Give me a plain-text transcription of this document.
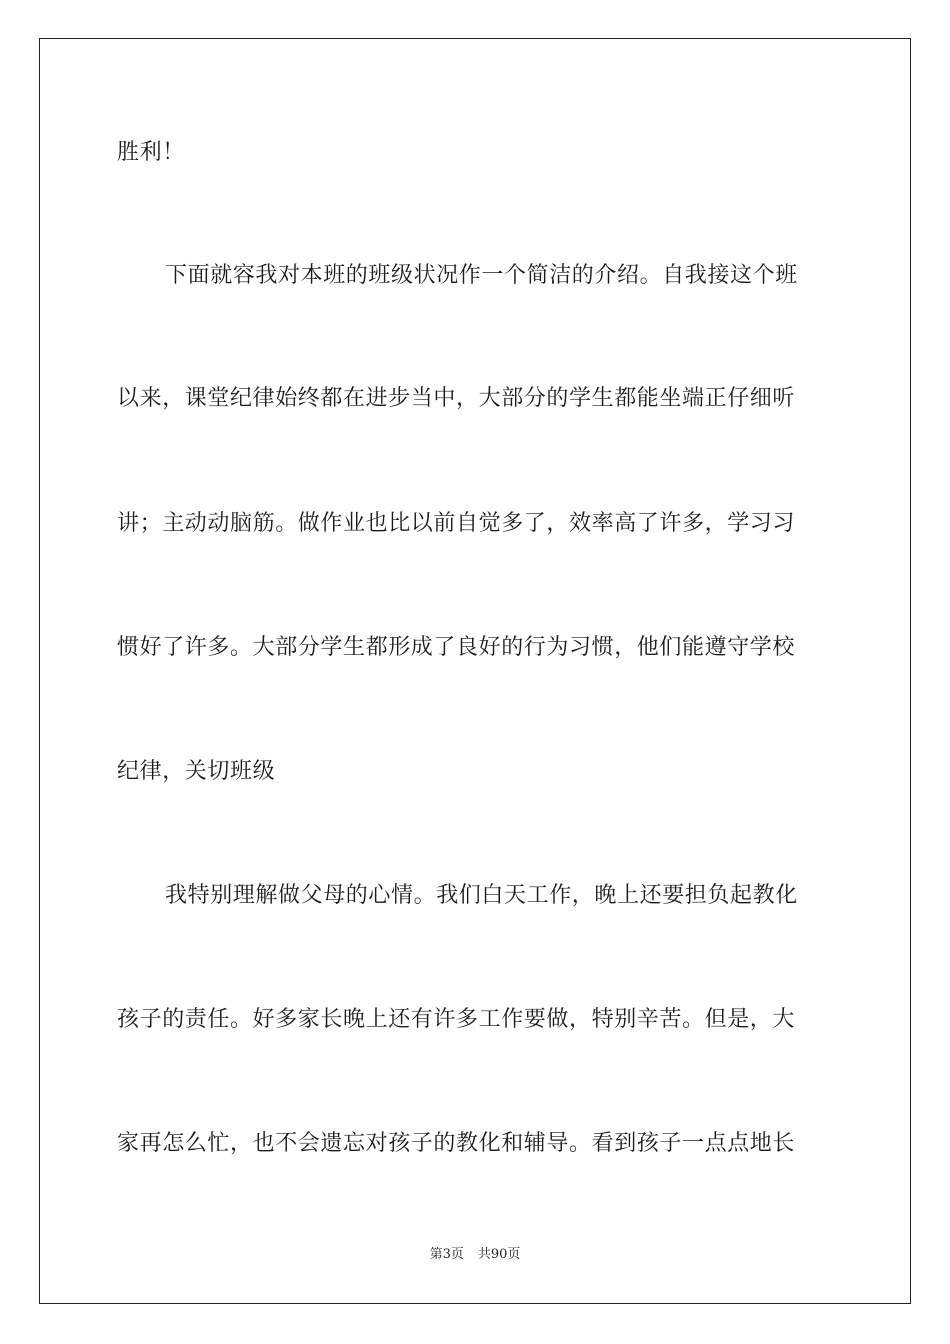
胜利！
下面就容我对本班的班级状况作一个简洁的介绍。自我接这个班
以来，课堂纪律始终都在进步当中，大部分的学生都能坐端正仔细听
讲；主动动脑筋。做作业也比以前自觉多了，效率高了许多，学习习
惯好了许多。大部分学生都形成了良好的行为习惯，他们能遵守学校
纪律，关切班级
我特别理解做父母的心情。我们白天工作，晚上还要担负起教化
孩子的责任。好多家长晚上还有许多工作要做，特别辛苦。但是，大
家再怎么忙，也不会遗忘对孩子的教化和辅导。看到孩子一点点地长
第3页 共90页
